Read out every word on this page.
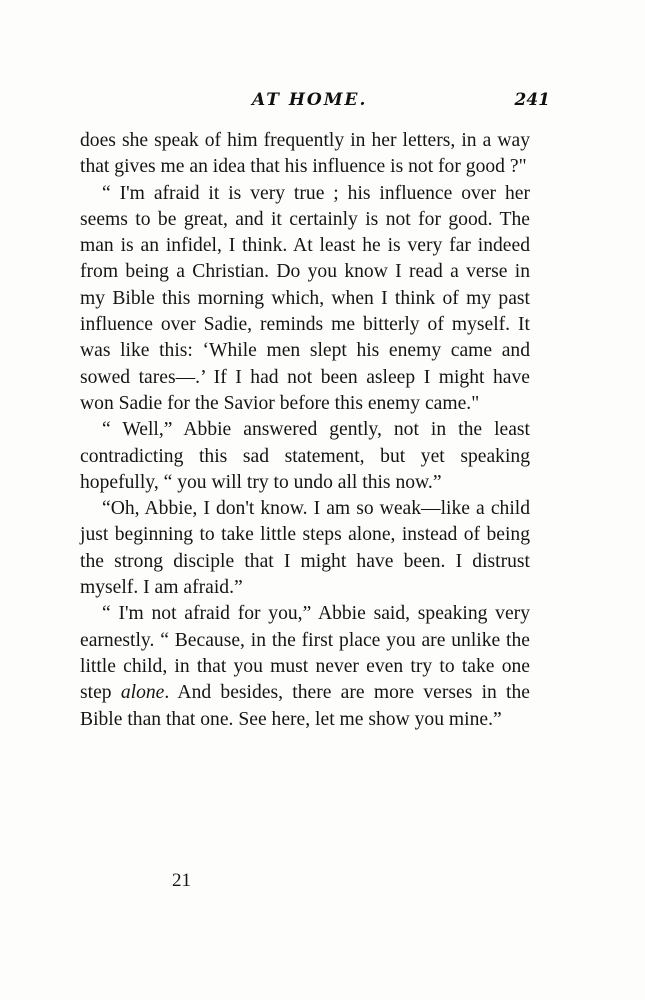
AT HOME.	241

does she speak of him frequently in her letters, in a way that gives me an idea that his influence is not for good ?"

“ I'm afraid it is very true ; his influence over her seems to be great, and it certainly is not for good. The man is an infidel, I think. At least he is very far indeed from being a Christian. Do you know I read a verse in my Bible this morning which, when I think of my past influence over Sadie, reminds me bitterly of myself. It was like this: ‘While men slept his enemy came and sowed tares—.’ If I had not been asleep I might have won Sadie for the Savior before this enemy came."

“ Well,” Abbie answered gently, not in the least contradicting this sad statement, but yet speaking hopefully, “ you will try to undo all this now.”

“Oh, Abbie, I don't know. I am so weak—like a child just beginning to take little steps alone, instead of being the strong disciple that I might have been. I distrust myself. I am afraid.”

“ I'm not afraid for you,” Abbie said, speaking very earnestly. “ Because, in the first place you are unlike the little child, in that you must never even try to take one step alone. And besides, there are more verses in the Bible than that one. See here, let me show you mine.”

21
